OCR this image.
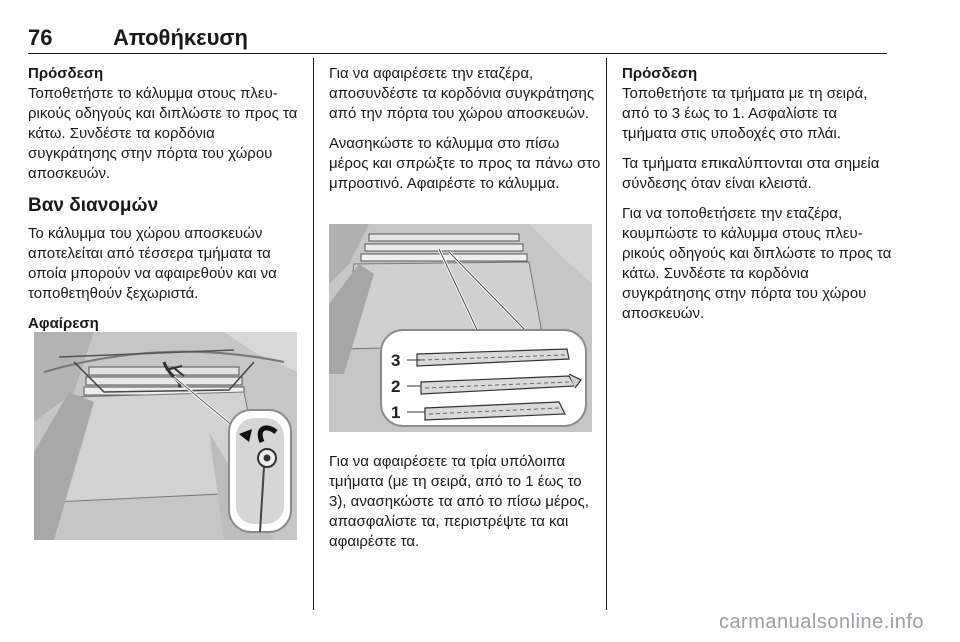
76	Αποθήκευση
Πρόσδεση

Τοποθετήστε το κάλυμμα στους πλευρικούς οδηγούς και διπλώστε το προς τα κάτω. Συνδέστε τα κορδόνια συγκράτησης στην πόρτα του χώρου αποσκευών.

Βαν διανομών

Το κάλυμμα του χώρου αποσκευών αποτελείται από τέσσερα τμήματα τα οποία μπορούν να αφαιρεθούν και να τοποθετηθούν ξεχωριστά.

Αφαίρεση

Για να αφαιρέσετε την εταζέρα, αποσυνδέστε τα κορδόνια συγκράτησης από την πόρτα του χώρου αποσκευών.

Ανασηκώστε το κάλυμμα στο πίσω μέρος και σπρώξτε το προς τα πάνω στο μπροστινό. Αφαιρέστε το κάλυμμα.

3
2
1

Για να αφαιρέσετε τα τρία υπόλοιπα τμήματα (με τη σειρά, από το 1 έως το 3), ανασηκώστε τα από το πίσω μέρος, απασφαλίστε τα, περιστρέψτε τα και αφαιρέστε τα.

Πρόσδεση

Τοποθετήστε τα τμήματα με τη σειρά, από το 3 έως το 1. Ασφαλίστε τα τμήματα στις υποδοχές στο πλάι.

Τα τμήματα επικαλύπτονται στα σημεία σύνδεσης όταν είναι κλειστά.

Για να τοποθετήσετε την εταζέρα, κουμπώστε το κάλυμμα στους πλευρικούς οδηγούς και διπλώστε το προς τα κάτω. Συνδέστε τα κορδόνια συγκράτησης στην πόρτα του χώρου αποσκευών.

carmanualsonline.info
